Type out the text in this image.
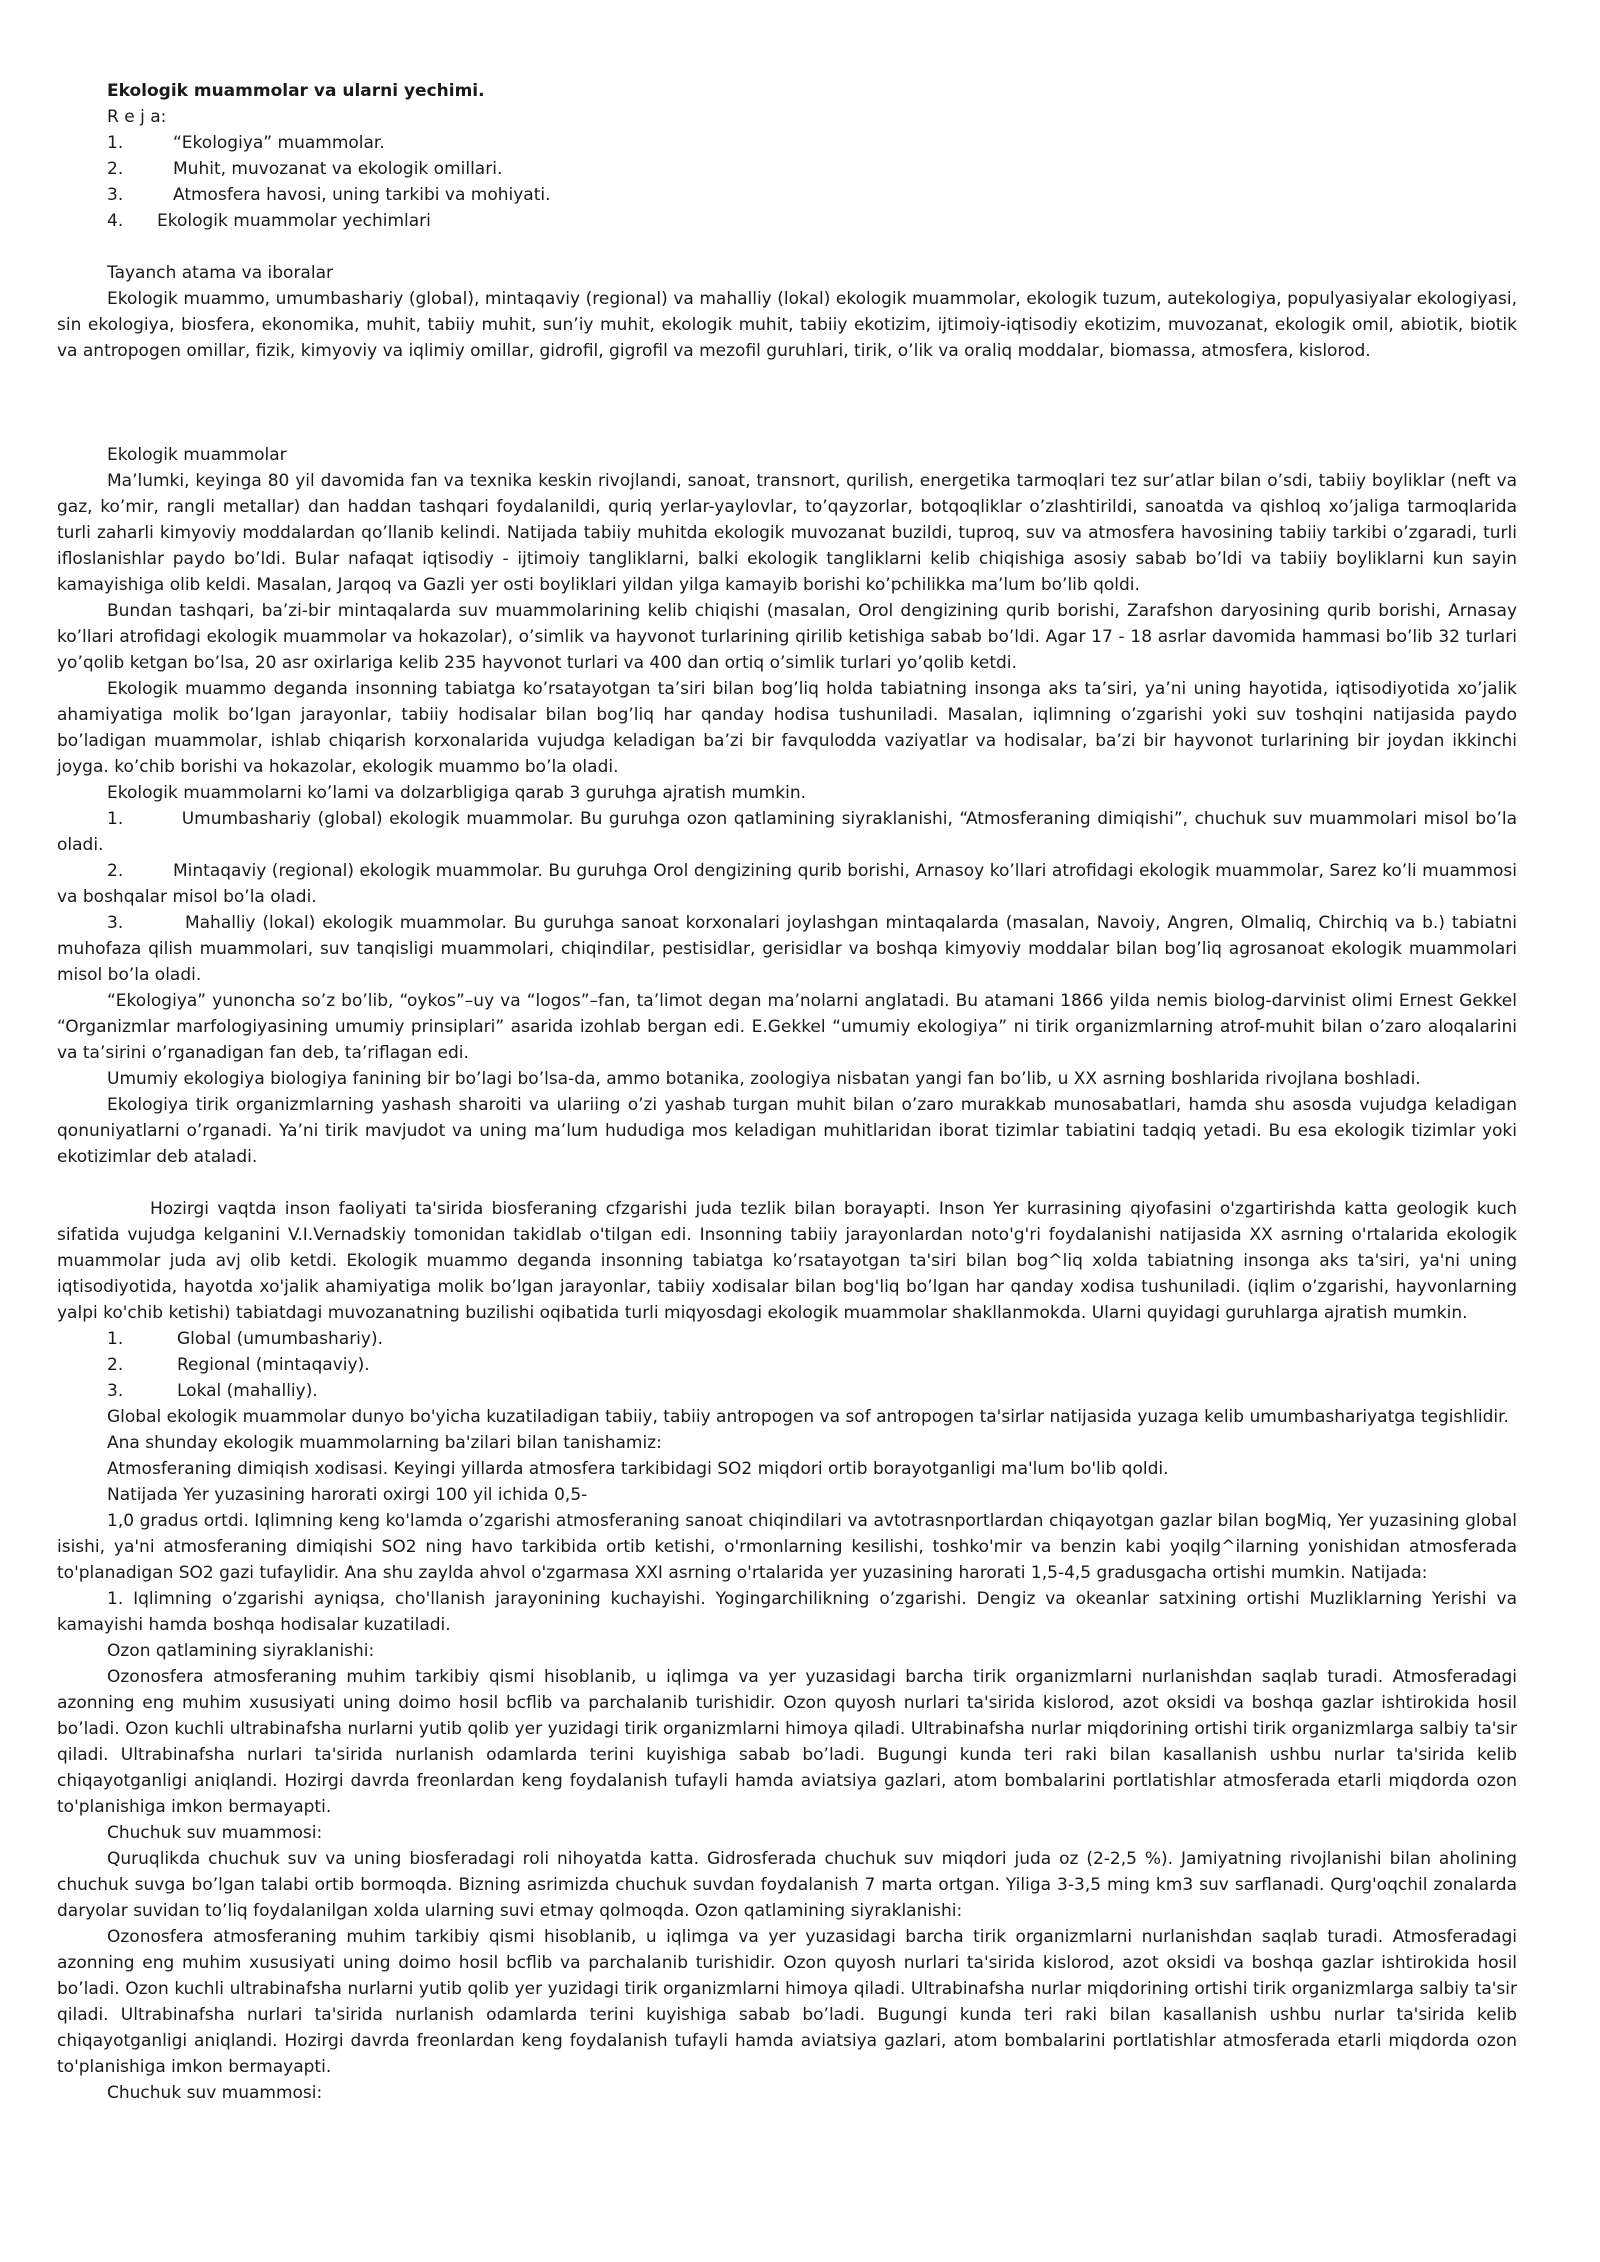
Ekologik muammolar va ularni yechimi.

R e j a:

1.	“Ekologiya” muammolar.
2.	Muhit, muvozanat va ekologik omillari.
3.	Atmosfera havosi, uning tarkibi va mohiyati.
4.	Ekologik muammolar yechimlari

Tayanch atama va iboralar

Ekologik muammo, umumbashariy (global), mintaqaviy (regional) va mahalliy (lokal) ekologik muammolar, ekologik tuzum, autekologiya, populyasiyalar ekologiyasi, sin ekologiya, biosfera, ekonomika, muhit, tabiiy muhit, sun’iy muhit, ekologik muhit, tabiiy ekotizim, ijtimoiy-iqtisodiy ekotizim, muvozanat, ekologik omil, abiotik, biotik va antropogen omillar, fizik, kimyoviy va iqlimiy omillar, gidrofil, gigrofil va mezofil guruhlari, tirik, o’lik va oraliq moddalar, biomassa, atmosfera, kislorod.

Ekologik muammolar

Ma’lumki, keyinga 80 yil davomida fan va texnika keskin rivojlandi, sanoat, transnort, qurilish, energetika tarmoqlari tez sur’atlar bilan o’sdi, tabiiy boyliklar (neft va gaz, ko’mir, rangli metallar) dan haddan tashqari foydalanildi, quriq yerlar-yaylovlar, to’qayzorlar, botqoqliklar o’zlashtirildi, sanoatda va qishloq xo’jaliga tarmoqlarida turli zaharli kimyoviy moddalardan qo’llanib kelindi. Natijada tabiiy muhitda ekologik muvozanat buzildi, tuproq, suv va atmosfera havosining tabiiy tarkibi o’zgaradi, turli ifloslanishlar paydo bo’ldi. Bular nafaqat iqtisodiy - ijtimoiy tangliklarni, balki ekologik tangliklarni kelib chiqishiga asosiy sabab bo’ldi va tabiiy boyliklarni kun sayin kamayishiga olib keldi. Masalan, Jarqoq va Gazli yer osti boyliklari yildan yilga kamayib borishi ko’pchilikka ma’lum bo’lib qoldi.

Bundan tashqari, ba’zi-bir mintaqalarda suv muammolarining kelib chiqishi (masalan, Orol dengizining qurib borishi, Zarafshon daryosining qurib borishi, Arnasay ko’llari atrofidagi ekologik muammolar va hokazolar), o’simlik va hayvonot turlarining qirilib ketishiga sabab bo’ldi. Agar 17 - 18 asrlar davomida hammasi bo’lib 32 turlari yo’qolib ketgan bo’lsa, 20 asr oxirlariga kelib 235 hayvonot turlari va 400 dan ortiq o’simlik turlari yo’qolib ketdi.

Ekologik muammo deganda insonning tabiatga ko’rsatayotgan ta’siri bilan bog’liq holda tabiatning insonga aks ta’siri, ya’ni uning hayotida, iqtisodiyotida xo’jalik ahamiyatiga molik bo’lgan jarayonlar, tabiiy hodisalar bilan bog’liq har qanday hodisa tushuniladi. Masalan, iqlimning o’zgarishi yoki suv toshqini natijasida paydo bo’ladigan muammolar, ishlab chiqarish korxonalarida vujudga keladigan ba’zi bir favqulodda vaziyatlar va hodisalar, ba’zi bir hayvonot turlarining bir joydan ikkinchi joyga. ko’chib borishi va hokazolar, ekologik muammo bo’la oladi.

Ekologik muammolarni ko’lami va dolzarbligiga qarab 3 guruhga ajratish mumkin.

1.	Umumbashariy (global) ekologik muammolar. Bu guruhga ozon qatlamining siyraklanishi, “Atmosferaning dimiqishi”, chuchuk suv muammolari misol bo’la oladi.

2.	Mintaqaviy (regional) ekologik muammolar. Bu guruhga Orol dengizining qurib borishi, Arnasoy ko’llari atrofidagi ekologik muammolar, Sarez ko’li muammosi va boshqalar misol bo’la oladi.

3.	Mahalliy (lokal) ekologik muammolar. Bu guruhga sanoat korxonalari joylashgan mintaqalarda (masalan, Navoiy, Angren, Olmaliq, Chirchiq va b.) tabiatni muhofaza qilish muammolari, suv tanqisligi muammolari, chiqindilar, pestisidlar, gerisidlar va boshqa kimyoviy moddalar bilan bog’liq agrosanoat ekologik muammolari misol bo’la oladi.

“Ekologiya” yunoncha so’z bo’lib, “oykos”–uy va “logos”–fan, ta’limot degan ma’nolarni anglatadi. Bu atamani 1866 yilda nemis biolog-darvinist olimi Ernest Gekkel “Organizmlar marfologiyasining umumiy prinsiplari” asarida izohlab bergan edi. E.Gekkel “umumiy ekologiya” ni tirik organizmlarning atrof-muhit bilan o’zaro aloqalarini va ta’sirini o’rganadigan fan deb, ta’riflagan edi.

Umumiy ekologiya biologiya fanining bir bo’lagi bo’lsa-da, ammo botanika, zoologiya nisbatan yangi fan bo’lib, u XX asrning boshlarida rivojlana boshladi.

Ekologiya tirik organizmlarning yashash sharoiti va ulariing o’zi yashab turgan muhit bilan o’zaro murakkab munosabatlari, hamda shu asosda vujudga keladigan qonuniyatlarni o’rganadi. Ya’ni tirik mavjudot va uning ma’lum hududiga mos keladigan muhitlaridan iborat tizimlar tabiatini tadqiq yetadi. Bu esa ekologik tizimlar yoki ekotizimlar deb ataladi.

Hozirgi vaqtda inson faoliyati ta'sirida biosferaning cfzgarishi juda tezlik bilan borayapti. Inson Yer kurrasining qiyofasini o'zgartirishda katta geologik kuch sifatida vujudga kelganini V.I.Vernadskiy tomonidan takidlab o'tilgan edi. Insonning tabiiy jarayonlardan noto'g'ri foydalanishi natijasida XX asrning o'rtalarida ekologik muammolar juda avj olib ketdi. Ekologik muammo deganda insonning tabiatga ko’rsatayotgan ta'siri bilan bog^liq xolda tabiatning insonga aks ta'siri, ya'ni uning iqtisodiyotida, hayotda xo'jalik ahamiyatiga molik bo’lgan jarayonlar, tabiiy xodisalar bilan bog'liq bo’lgan har qanday xodisa tushuniladi. (iqlim o’zgarishi, hayvonlarning yalpi ko'chib ketishi) tabiatdagi muvozanatning buzilishi oqibatida turli miqyosdagi ekologik muammolar shakllanmokda. Ularni quyidagi guruhlarga ajratish mumkin.

1.	Global (umumbashariy).
2.	Regional (mintaqaviy).
3.	Lokal (mahalliy).

Global ekologik muammolar dunyo bo'yicha kuzatiladigan tabiiy, tabiiy antropogen va sof antropogen ta'sirlar natijasida yuzaga kelib umumbashariyatga tegishlidir.

Ana shunday ekologik muammolarning ba'zilari bilan tanishamiz:

Atmosferaning dimiqish xodisasi. Keyingi yillarda atmosfera tarkibidagi SO2 miqdori ortib borayotganligi ma'lum bo'lib qoldi.

Natijada Yer yuzasining harorati oxirgi 100 yil ichida 0,5-

1,0 gradus ortdi. Iqlimning keng ko'lamda o’zgarishi atmosferaning sanoat chiqindilari va avtotrasnportlardan chiqayotgan gazlar bilan bogMiq, Yer yuzasining global isishi, ya'ni atmosferaning dimiqishi SO2 ning havo tarkibida ortib ketishi, o'rmonlarning kesilishi, toshko'mir va benzin kabi yoqilg^ilarning yonishidan atmosferada to'planadigan SO2 gazi tufaylidir. Ana shu zaylda ahvol o'zgarmasa XXI asrning o'rtalarida yer yuzasining harorati 1,5-4,5 gradusgacha ortishi mumkin. Natijada:

1. Iqlimning o’zgarishi ayniqsa, cho'llanish jarayonining kuchayishi. Yogingarchilikning o’zgarishi. Dengiz va okeanlar satxining ortishi Muzliklarning Yerishi va kamayishi hamda boshqa hodisalar kuzatiladi.

Ozon qatlamining siyraklanishi:

Ozonosfera atmosferaning muhim tarkibiy qismi hisoblanib, u iqlimga va yer yuzasidagi barcha tirik organizmlarni nurlanishdan saqlab turadi. Atmosferadagi azonning eng muhim xususiyati uning doimo hosil bcflib va parchalanib turishidir. Ozon quyosh nurlari ta'sirida kislorod, azot oksidi va boshqa gazlar ishtirokida hosil bo’ladi. Ozon kuchli ultrabinafsha nurlarni yutib qolib yer yuzidagi tirik organizmlarni himoya qiladi. Ultrabinafsha nurlar miqdorining ortishi tirik organizmlarga salbiy ta'sir qiladi. Ultrabinafsha nurlari ta'sirida nurlanish odamlarda terini kuyishiga sabab bo’ladi. Bugungi kunda teri raki bilan kasallanish ushbu nurlar ta'sirida kelib chiqayotganligi aniqlandi. Hozirgi davrda freonlardan keng foydalanish tufayli hamda aviatsiya gazlari, atom bombalarini portlatishlar atmosferada etarli miqdorda ozon to'planishiga imkon bermayapti.

Chuchuk suv muammosi:

Quruqlikda chuchuk suv va uning biosferadagi roli nihoyatda katta. Gidrosferada chuchuk suv miqdori juda oz (2-2,5 %). Jamiyatning rivojlanishi bilan aholining chuchuk suvga bo’lgan talabi ortib bormoqda. Bizning asrimizda chuchuk suvdan foydalanish 7 marta ortgan. Yiliga 3-3,5 ming km3 suv sarflanadi. Qurg'oqchil zonalarda daryolar suvidan to’liq foydalanilgan xolda ularning suvi etmay qolmoqda. Ozon qatlamining siyraklanishi:

Ozonosfera atmosferaning muhim tarkibiy qismi hisoblanib, u iqlimga va yer yuzasidagi barcha tirik organizmlarni nurlanishdan saqlab turadi. Atmosferadagi azonning eng muhim xususiyati uning doimo hosil bcflib va parchalanib turishidir. Ozon quyosh nurlari ta'sirida kislorod, azot oksidi va boshqa gazlar ishtirokida hosil bo’ladi. Ozon kuchli ultrabinafsha nurlarni yutib qolib yer yuzidagi tirik organizmlarni himoya qiladi. Ultrabinafsha nurlar miqdorining ortishi tirik organizmlarga salbiy ta'sir qiladi. Ultrabinafsha nurlari ta'sirida nurlanish odamlarda terini kuyishiga sabab bo’ladi. Bugungi kunda teri raki bilan kasallanish ushbu nurlar ta'sirida kelib chiqayotganligi aniqlandi. Hozirgi davrda freonlardan keng foydalanish tufayli hamda aviatsiya gazlari, atom bombalarini portlatishlar atmosferada etarli miqdorda ozon to'planishiga imkon bermayapti.

Chuchuk suv muammosi:
